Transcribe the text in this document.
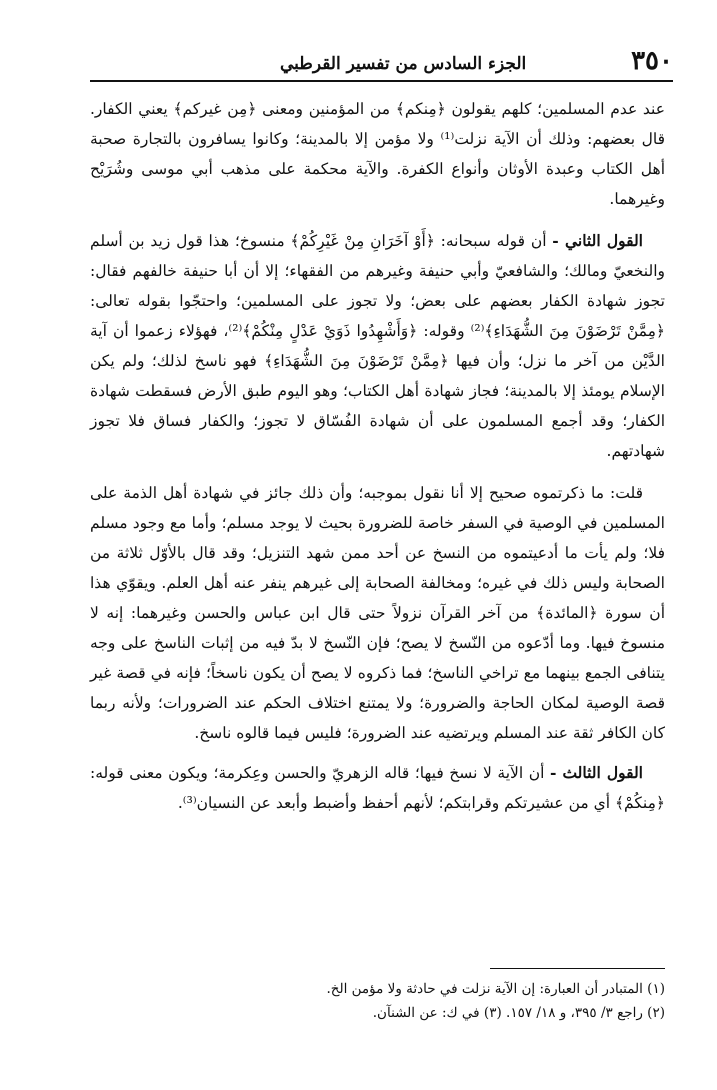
٣٥٠
الجزء السادس من تفسير القرطبي

عند عدم المسلمين؛ كلهم يقولون ﴿مِنكم﴾ من المؤمنين ومعنى ﴿مِن غيركم﴾ يعني الكفار. قال بعضهم: وذلك أن الآية نزلت⁽¹⁾ ولا مؤمن إلا بالمدينة؛ وكانوا يسافرون بالتجارة صحبة أهل الكتاب وعبدة الأوثان وأنواع الكفرة. والآية محكمة على مذهب أبي موسى وشُرَيْح وغيرهما.

القول الثاني - أن قوله سبحانه: ﴿أَوْ آخَرَانِ مِنْ غَيْرِكُمْ﴾ منسوخ؛ هذا قول زيد بن أسلم والنخعيّ ومالك؛ والشافعيّ وأبي حنيفة وغيرهم من الفقهاء؛ إلا أن أبا حنيفة خالفهم فقال: تجوز شهادة الكفار بعضهم على بعض؛ ولا تجوز على المسلمين؛ واحتجّوا بقوله تعالى: ﴿مِمَّنْ تَرْضَوْنَ مِنَ الشُّهَدَاءِ﴾⁽²⁾ وقوله: ﴿وَأَشْهِدُوا ذَوَيْ عَدْلٍ مِنْكُمْ﴾⁽²⁾، فهؤلاء زعموا أن آية الدَّيْن من آخر ما نزل؛ وأن فيها ﴿مِمَّنْ تَرْضَوْنَ مِنَ الشُّهَدَاءِ﴾ فهو ناسخ لذلك؛ ولم يكن الإسلام يومئذ إلا بالمدينة؛ فجاز شهادة أهل الكتاب؛ وهو اليوم طبق الأرض فسقطت شهادة الكفار؛ وقد أجمع المسلمون على أن شهادة الفُسّاق لا تجوز؛ والكفار فساق فلا تجوز شهادتهم.

قلت: ما ذكرتموه صحيح إلا أنا نقول بموجبه؛ وأن ذلك جائز في شهادة أهل الذمة على المسلمين في الوصية في السفر خاصة للضرورة بحيث لا يوجد مسلم؛ وأما مع وجود مسلم فلا؛ ولم يأت ما أدعيتموه من النسخ عن أحد ممن شهد التنزيل؛ وقد قال بالأوّل ثلاثة من الصحابة وليس ذلك في غيره؛ ومخالفة الصحابة إلى غيرهم ينفر عنه أهل العلم. ويقوّي هذا أن سورة ﴿المائدة﴾ من آخر القرآن نزولاً حتى قال ابن عباس والحسن وغيرهما: إنه لا منسوخ فيها. وما أدّعوه من النّسخ لا يصح؛ فإن النّسخ لا بدّ فيه من إثبات الناسخ على وجه يتنافى الجمع بينهما مع تراخي الناسخ؛ فما ذكروه لا يصح أن يكون ناسخاً؛ فإنه في قصة غير قصة الوصية لمكان الحاجة والضرورة؛ ولا يمتنع اختلاف الحكم عند الضرورات؛ ولأنه ربما كان الكافر ثقة عند المسلم ويرتضيه عند الضرورة؛ فليس فيما قالوه ناسخ.

القول الثالث - أن الآية لا نسخ فيها؛ قاله الزهريّ والحسن وعِكرمة؛ ويكون معنى قوله: ﴿مِنكُمْ﴾ أي من عشيرتكم وقرابتكم؛ لأنهم أحفظ وأضبط وأبعد عن النسيان⁽³⁾.

(١) المتبادر أن العبارة: إن الآية نزلت في حادثة ولا مؤمن الخ.
(٢) راجع ٣/ ٣٩٥، و ١٨/ ١٥٧. (٣) في ك: عن الشنآن.
